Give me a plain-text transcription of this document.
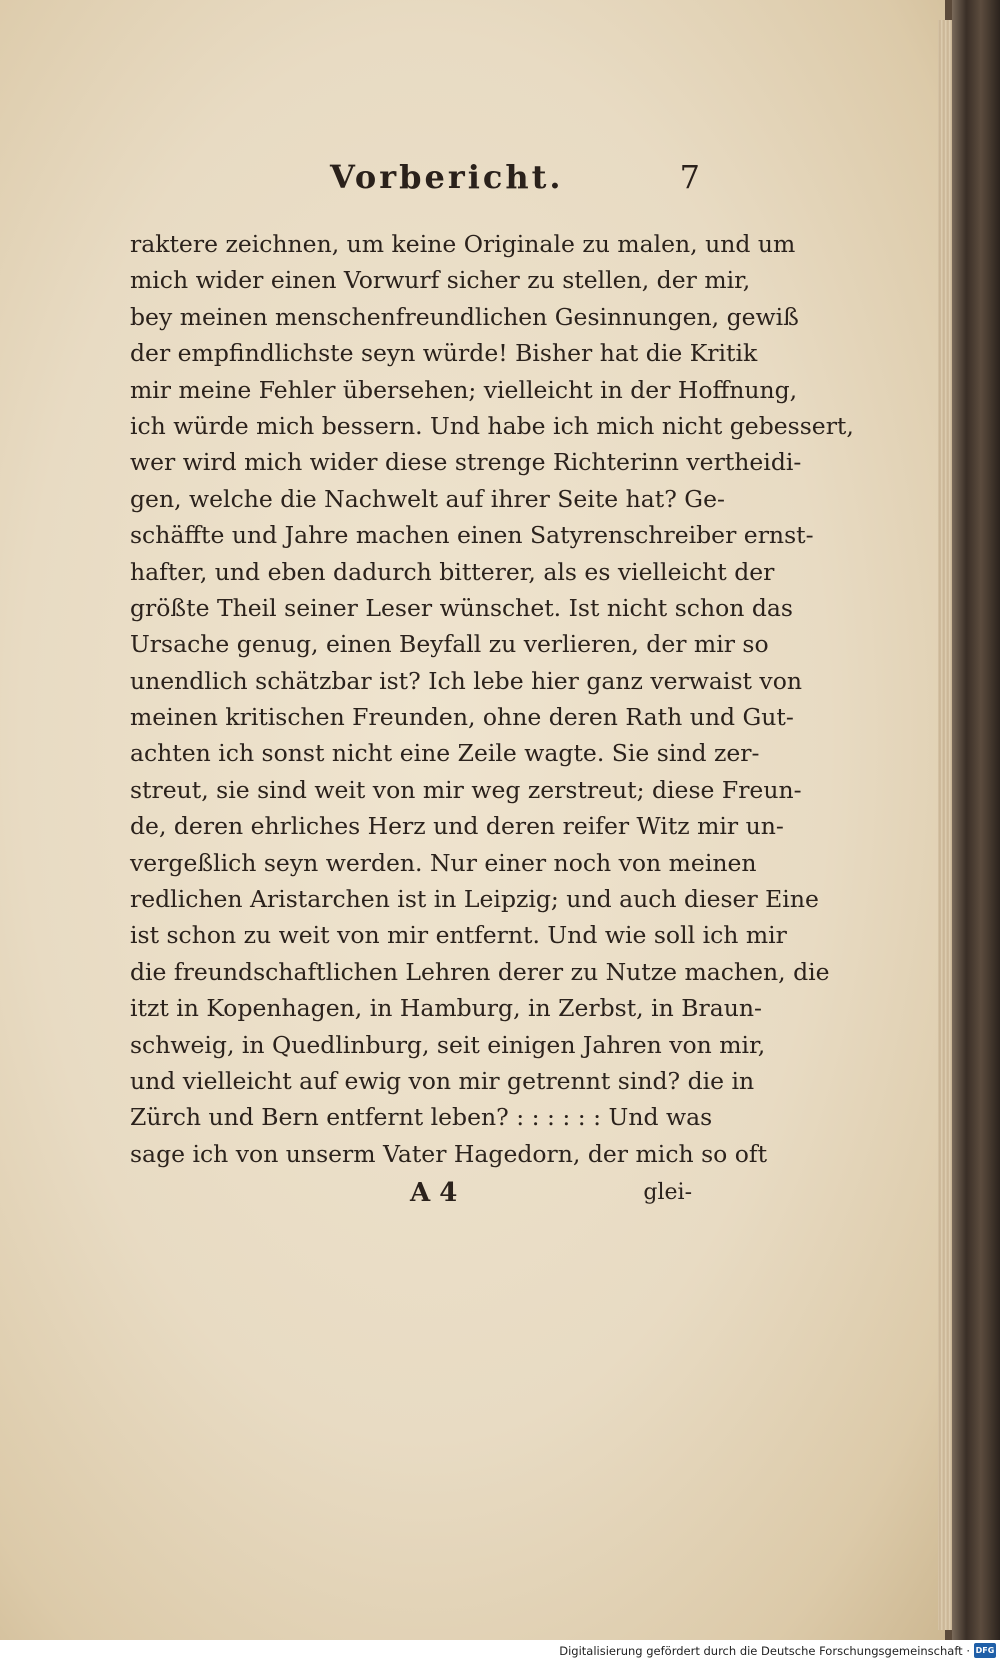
Vorbericht.	7
raktere zeichnen, um keine Originale zu malen, und um
mich wider einen Vorwurf sicher zu stellen, der mir,
bey meinen menschenfreundlichen Gesinnungen, gewiß
der empfindlichste seyn würde! Bisher hat die Kritik
mir meine Fehler übersehen; vielleicht in der Hoffnung,
ich würde mich bessern. Und habe ich mich nicht gebessert,
wer wird mich wider diese strenge Richterinn vertheidi-
gen, welche die Nachwelt auf ihrer Seite hat? Ge-
schäffte und Jahre machen einen Satyrenschreiber ernst-
hafter, und eben dadurch bitterer, als es vielleicht der
größte Theil seiner Leser wünschet. Ist nicht schon das
Ursache genug, einen Beyfall zu verlieren, der mir so
unendlich schätzbar ist? Ich lebe hier ganz verwaist von
meinen kritischen Freunden, ohne deren Rath und Gut-
achten ich sonst nicht eine Zeile wagte. Sie sind zer-
streut, sie sind weit von mir weg zerstreut; diese Freun-
de, deren ehrliches Herz und deren reifer Witz mir un-
vergeßlich seyn werden. Nur einer noch von meinen
redlichen Aristarchen ist in Leipzig; und auch dieser Eine
ist schon zu weit von mir entfernt. Und wie soll ich mir
die freundschaftlichen Lehren derer zu Nutze machen, die
itzt in Kopenhagen, in Hamburg, in Zerbst, in Braun-
schweig, in Quedlinburg, seit einigen Jahren von mir,
und vielleicht auf ewig von mir getrennt sind? die in
Zürch und Bern entfernt leben? : : : : : : Und was
sage ich von unserm Vater Hagedorn, der mich so oft
A 4	glei-
Digitalisierung gefördert durch die Deutsche Forschungsgemeinschaft · DFG
